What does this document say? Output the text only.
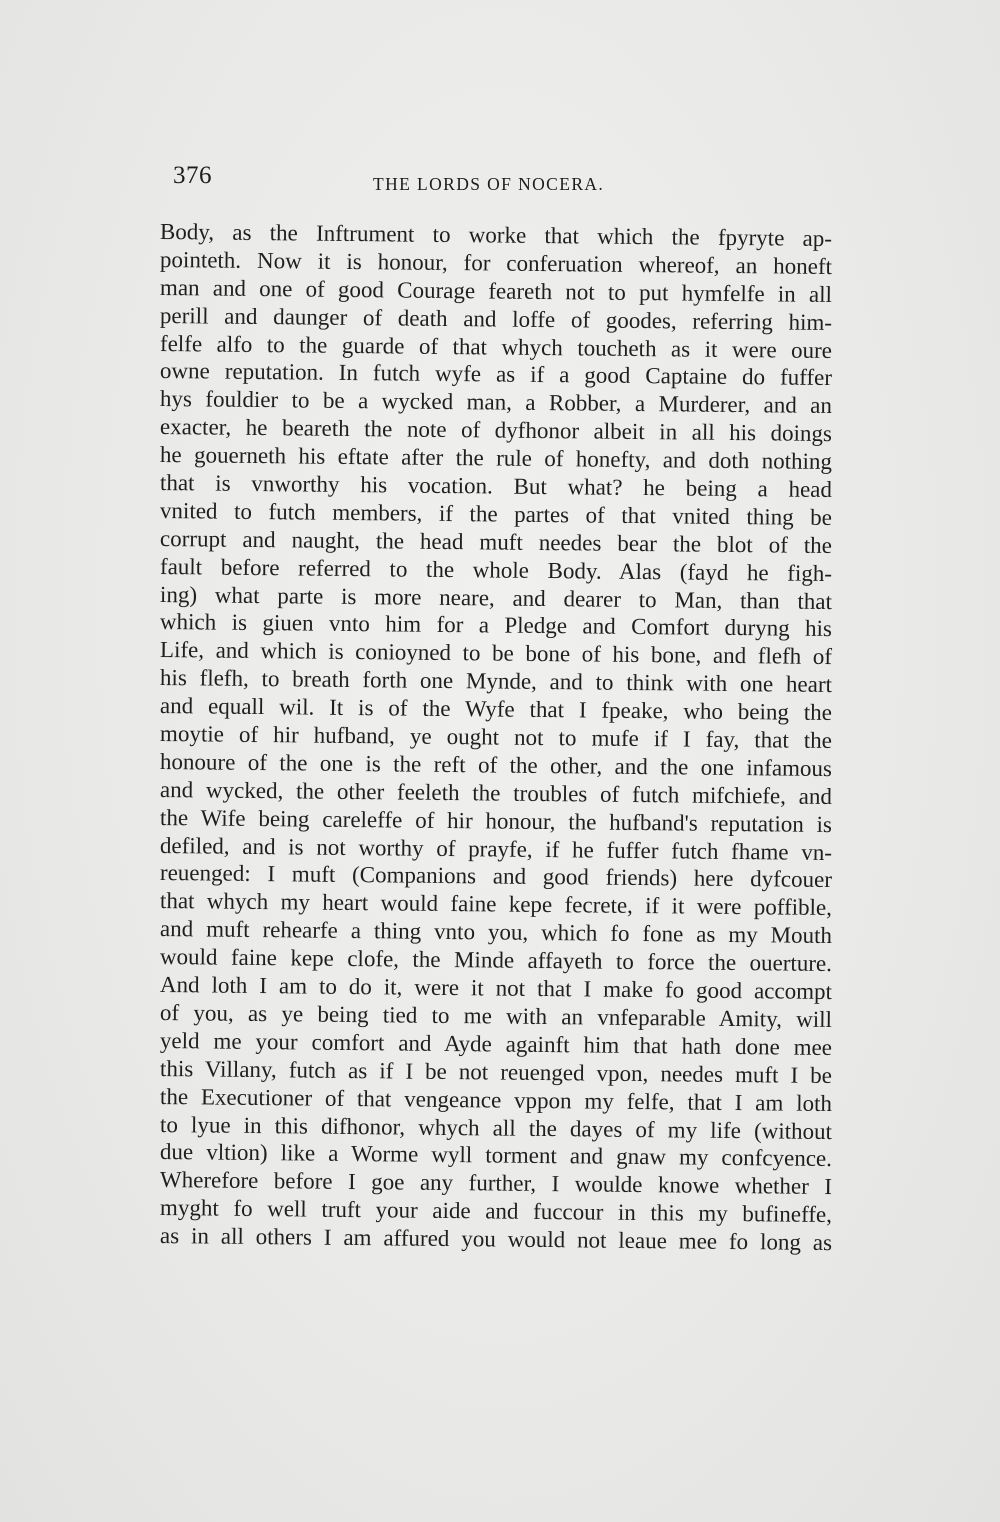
376	THE LORDS OF NOCERA.
Body, as the Inftrument to worke that which the fpyryte ap-
pointeth. Now it is honour, for conferuation whereof, an honeft
man and one of good Courage feareth not to put hymfelfe in all
perill and daunger of death and loffe of goodes, referring him-
felfe alfo to the guarde of that whych toucheth as it were oure
owne reputation. In futch wyfe as if a good Captaine do fuffer
hys fouldier to be a wycked man, a Robber, a Murderer, and an
exacter, he beareth the note of dyfhonor albeit in all his doings
he gouerneth his eftate after the rule of honefty, and doth nothing
that is vnworthy his vocation. But what? he being a head
vnited to futch members, if the partes of that vnited thing be
corrupt and naught, the head muft needes bear the blot of the
fault before referred to the whole Body. Alas (fayd he figh-
ing) what parte is more neare, and dearer to Man, than that
which is giuen vnto him for a Pledge and Comfort duryng his
Life, and which is conioyned to be bone of his bone, and flefh of
his flefh, to breath forth one Mynde, and to think with one heart
and equall wil. It is of the Wyfe that I fpeake, who being the
moytie of hir hufband, ye ought not to mufe if I fay, that the
honoure of the one is the reft of the other, and the one infamous
and wycked, the other feeleth the troubles of futch mifchiefe, and
the Wife being careleffe of hir honour, the hufband's reputation is
defiled, and is not worthy of prayfe, if he fuffer futch fhame vn-
reuenged: I muft (Companions and good friends) here dyfcouer
that whych my heart would faine kepe fecrete, if it were poffible,
and muft rehearfe a thing vnto you, which fo fone as my Mouth
would faine kepe clofe, the Minde affayeth to force the ouerture.
And loth I am to do it, were it not that I make fo good accompt
of you, as ye being tied to me with an vnfeparable Amity, will
yeld me your comfort and Ayde againft him that hath done mee
this Villany, futch as if I be not reuenged vpon, needes muft I be
the Executioner of that vengeance vppon my felfe, that I am loth
to lyue in this difhonor, whych all the dayes of my life (without
due vltion) like a Worme wyll torment and gnaw my confcyence.
Wherefore before I goe any further, I woulde knowe whether I
myght fo well truft your aide and fuccour in this my bufineffe,
as in all others I am affured you would not leaue mee fo long as
